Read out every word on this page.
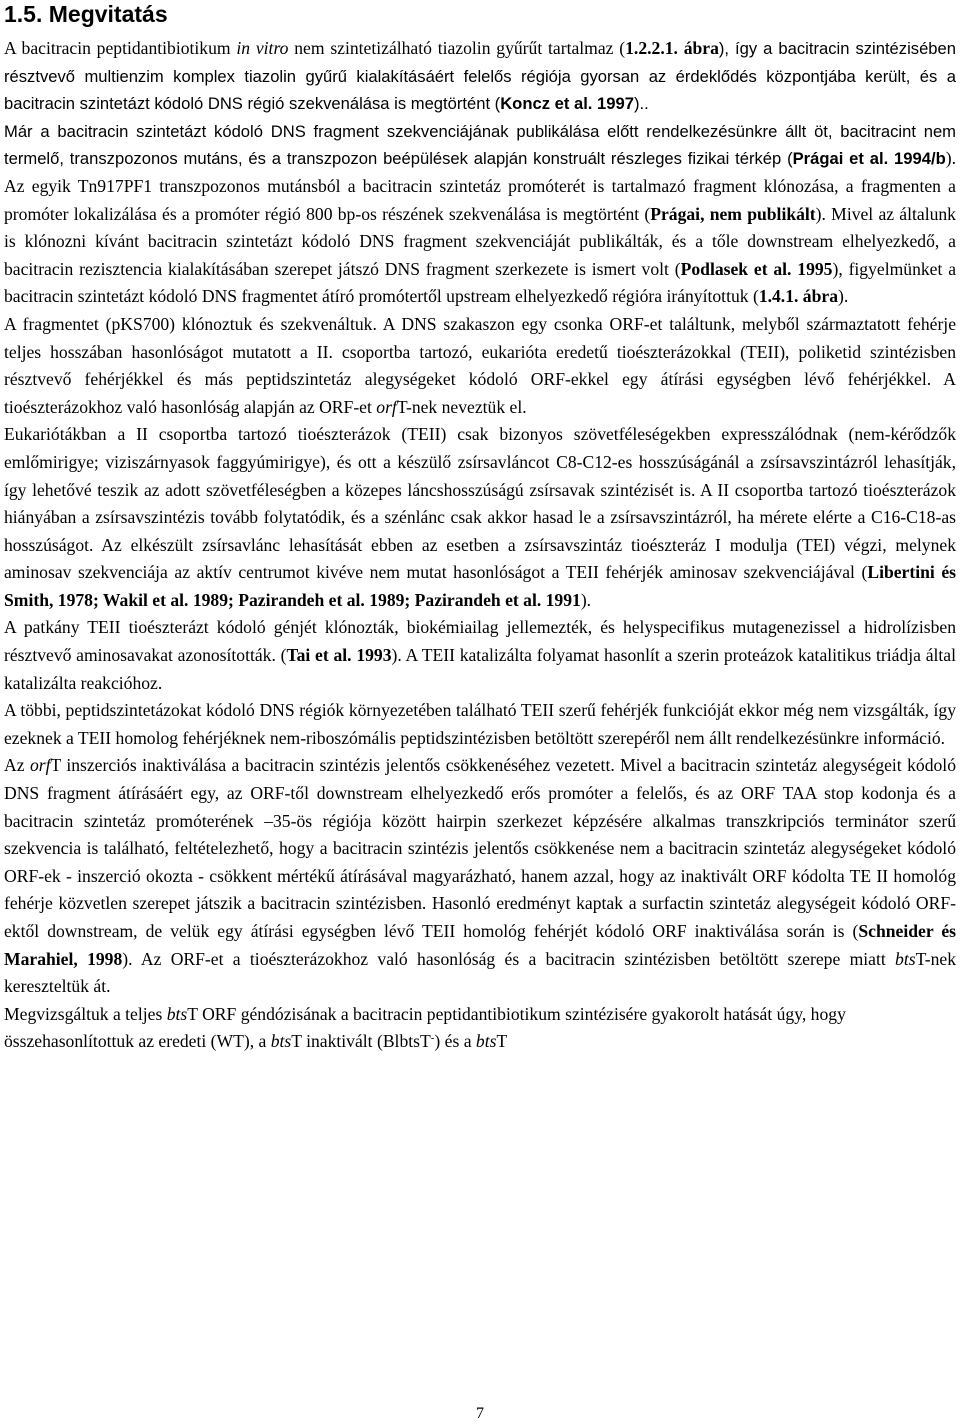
1.5. Megvitatás

A bacitracin peptidantibiotikum in vitro nem szintetizálható tiazolin gyűrűt tartalmaz (1.2.2.1. ábra), így a bacitracin szintézisében résztvevő multienzim komplex tiazolin gyűrű kialakításáért felelős régiója gyorsan az érdeklődés központjába került, és a bacitracin szintetázt kódoló DNS régió szekvenálása is megtörtént (Koncz et al. 1997)..

Már a bacitracin szintetázt kódoló DNS fragment szekvenciájának publikálása előtt rendelkezésünkre állt öt, bacitracint nem termelő, transzpozonos mutáns, és a transzpozon beépülések alapján konstruált részleges fizikai térkép (Prágai et al. 1994/b). Az egyik Tn917PF1 transzpozonos mutánsból a bacitracin szintetáz promóterét is tartalmazó fragment klónozása, a fragmenten a promóter lokalizálása és a promóter régió 800 bp-os részének szekvenálása is megtörtént (Prágai, nem publikált). Mivel az általunk is klónozni kívánt bacitracin szintetázt kódoló DNS fragment szekvenciáját publikálták, és a tőle downstream elhelyezkedő, a bacitracin rezisztencia kialakításában szerepet játszó DNS fragment szerkezete is ismert volt (Podlasek et al. 1995), figyelmünket a bacitracin szintetázt kódoló DNS fragmentet átíró promótertől upstream elhelyezkedő régióra irányítottuk (1.4.1. ábra).

A fragmentet (pKS700) klónoztuk és szekvenáltuk. A DNS szakaszon egy csonka ORF-et találtunk, melyből származtatott fehérje teljes hosszában hasonlóságot mutatott a II. csoportba tartozó, eukarióta eredetű tioészterázokkal (TEII), poliketid szintézisben résztvevő fehérjékkel és más peptidszintetáz alegységeket kódoló ORF-ekkel egy átírási egységben lévő fehérjékkel. A tioészterázokhoz való hasonlóság alapján az ORF-et orfT-nek neveztük el.

Eukariótákban a II csoportba tartozó tioészterázok (TEII) csak bizonyos szövetféleségekben expresszálódnak (nem-kérődzők emlőmirigye; viziszárnyasok faggyúmirigye), és ott a készülő zsírsavláncot C8-C12-es hosszúságánál a zsírsavszintázról lehasítják, így lehetővé teszik az adott szövetféleségben a közepes láncshosszúságú zsírsavak szintézisét is. A II csoportba tartozó tioészterázok hiányában a zsírsavszintézis tovább folytatódik, és a szénlánc csak akkor hasad le a zsírsavszintázról, ha mérete elérte a C16-C18-as hosszúságot. Az elkészült zsírsavlánc lehasítását ebben az esetben a zsírsavszintáz tioészteráz I modulja (TEI) végzi, melynek aminosav szekvenciája az aktív centrumot kivéve nem mutat hasonlóságot a TEII fehérjék aminosav szekvenciájával (Libertini és Smith, 1978; Wakil et al. 1989; Pazirandeh et al. 1989; Pazirandeh et al. 1991).

A patkány TEII tioészterázt kódoló génjét klónozták, biokémiailag jellemezték, és helyspecifikus mutagenezissel a hidrolízisben résztvevő aminosavakat azonosították. (Tai et al. 1993). A TEII katalizálta folyamat hasonlít a szerin proteázok katalitikus triádja által katalizálta reakcióhoz.

A többi, peptidszintetázokat kódoló DNS régiók környezetében található TEII szerű fehérjék funkcióját ekkor még nem vizsgálták, így ezeknek a TEII homolog fehérjéknek nem-riboszómális peptidszintézisben betöltött szerepéről nem állt rendelkezésünkre információ.

Az orfT inszerciós inaktiválása a bacitracin szintézis jelentős csökkenéséhez vezetett. Mivel a bacitracin szintetáz alegységeit kódoló DNS fragment átírásáért egy, az ORF-től downstream elhelyezkedő erős promóter a felelős, és az ORF TAA stop kodonja és a bacitracin szintetáz promóterének –35-ös régiója között hairpin szerkezet képzésére alkalmas transzkripciós terminátor szerű szekvencia is található, feltételezhető, hogy a bacitracin szintézis jelentős csökkenése nem a bacitracin szintetáz alegységeket kódoló ORF-ek - inszerció okozta - csökkent mértékű átírásával magyarázható, hanem azzal, hogy az inaktivált ORF kódolta TE II homológ fehérje közvetlen szerepet játszik a bacitracin szintézisben. Hasonló eredményt kaptak a surfactin szintetáz alegységeit kódoló ORF-ektől downstream, de velük egy átírási egységben lévő TEII homológ fehérjét kódoló ORF inaktiválása során is (Schneider és Marahiel, 1998). Az ORF-et a tioészterázokhoz való hasonlóság és a bacitracin szintézisben betöltött szerepe miatt btsT-nek kereszteltük át.

Megvizsgáltuk a teljes btsT ORF géndózisának a bacitracin peptidantibiotikum szintézisére gyakorolt hatását úgy, hogy összehasonlítottuk az eredeti (WT), a btsT inaktivált (BlbtsT-) és a btsT

7
